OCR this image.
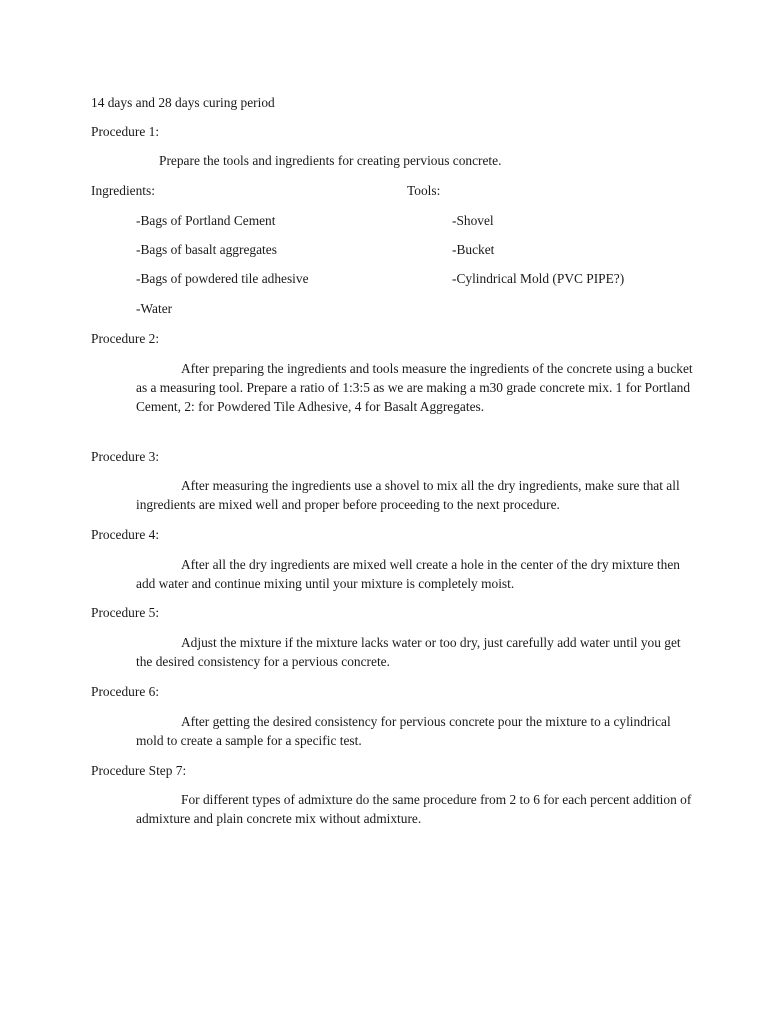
14 days and 28 days curing period
Procedure 1:
Prepare the tools and ingredients for creating pervious concrete.
Ingredients:	Tools:
-Bags of Portland Cement	-Shovel
-Bags of basalt aggregates	-Bucket
-Bags of powdered tile adhesive	-Cylindrical Mold (PVC PIPE?)
-Water
Procedure 2:
After preparing the ingredients and tools measure the ingredients of the concrete using a bucket as a measuring tool. Prepare a ratio of 1:3:5 as we are making a m30 grade concrete mix. 1 for Portland Cement, 2: for Powdered Tile Adhesive, 4 for Basalt Aggregates.
Procedure 3:
After measuring the ingredients use a shovel to mix all the dry ingredients, make sure that all ingredients are mixed well and proper before proceeding to the next procedure.
Procedure 4:
After all the dry ingredients are mixed well create a hole in the center of the dry mixture then add water and continue mixing until your mixture is completely moist.
Procedure 5:
Adjust the mixture if the mixture lacks water or too dry, just carefully add water until you get the desired consistency for a pervious concrete.
Procedure 6:
After getting the desired consistency for pervious concrete pour the mixture to a cylindrical mold to create a sample for a specific test.
Procedure Step 7:
For different types of admixture do the same procedure from 2 to 6 for each percent addition of admixture and plain concrete mix without admixture.
